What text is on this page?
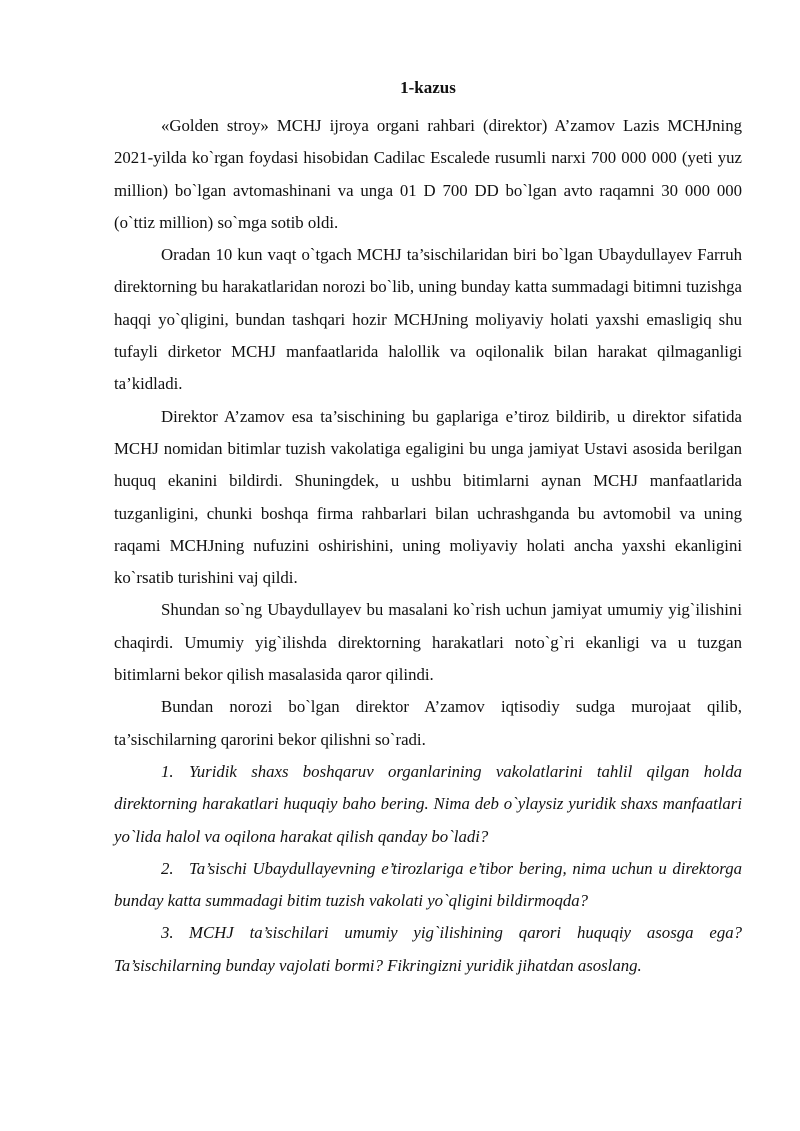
1-kazus

«Golden stroy» MCHJ ijroya organi rahbari (direktor) A’zamov Lazis MCHJning 2021-yilda ko`rgan foydasi hisobidan Cadilac Escalede rusumli narxi 700 000 000 (yeti yuz million) bo`lgan avtomashinani va unga 01 D 700 DD bo`lgan avto raqamni 30 000 000 (o`ttiz million) so`mga sotib oldi.

Oradan 10 kun vaqt o`tgach MCHJ ta’sischilaridan biri bo`lgan Ubaydullayev Farruh direktorning bu harakatlaridan norozi bo`lib, uning bunday katta summadagi bitimni tuzishga haqqi yo`qligini, bundan tashqari hozir MCHJning moliyaviy holati yaxshi emasligiq shu tufayli dirketor MCHJ manfaatlarida halollik va oqilonalik bilan harakat qilmaganligi ta’kidladi.

Direktor A’zamov esa ta’sischining bu gaplariga e’tiroz bildirib, u direktor sifatida MCHJ nomidan bitimlar tuzish vakolatiga egaligini bu unga jamiyat Ustavi asosida berilgan huquq ekanini bildirdi. Shuningdek, u ushbu bitimlarni aynan MCHJ manfaatlarida tuzganligini, chunki boshqa firma rahbarlari bilan uchrashganda bu avtomobil va uning raqami MCHJning nufuzini oshirishini, uning moliyaviy holati ancha yaxshi ekanligini ko`rsatib turishini vaj qildi.

Shundan so`ng Ubaydullayev bu masalani ko`rish uchun jamiyat umumiy yig`ilishini chaqirdi. Umumiy yig`ilishda direktorning harakatlari noto`g`ri ekanligi va u tuzgan bitimlarni bekor qilish masalasida qaror qilindi.

Bundan norozi bo`lgan direktor A’zamov iqtisodiy sudga murojaat qilib, ta’sischilarning qarorini bekor qilishni so`radi.

1. Yuridik shaxs boshqaruv organlarining vakolatlarini tahlil qilgan holda direktorning harakatlari huquqiy baho bering. Nima deb o`ylaysiz yuridik shaxs manfaatlari yo`lida halol va oqilona harakat qilish qanday bo`ladi?

2. Ta’sischi Ubaydullayevning e’tirozlariga e’tibor bering, nima uchun u direktorga bunday katta summadagi bitim tuzish vakolati yo`qligini bildirmoqda?

3. MCHJ ta’sischilari umumiy yig`ilishining qarori huquqiy asosga ega? Ta’sischilarning bunday vajolati bormi? Fikringizni yuridik jihatdan asoslang.
